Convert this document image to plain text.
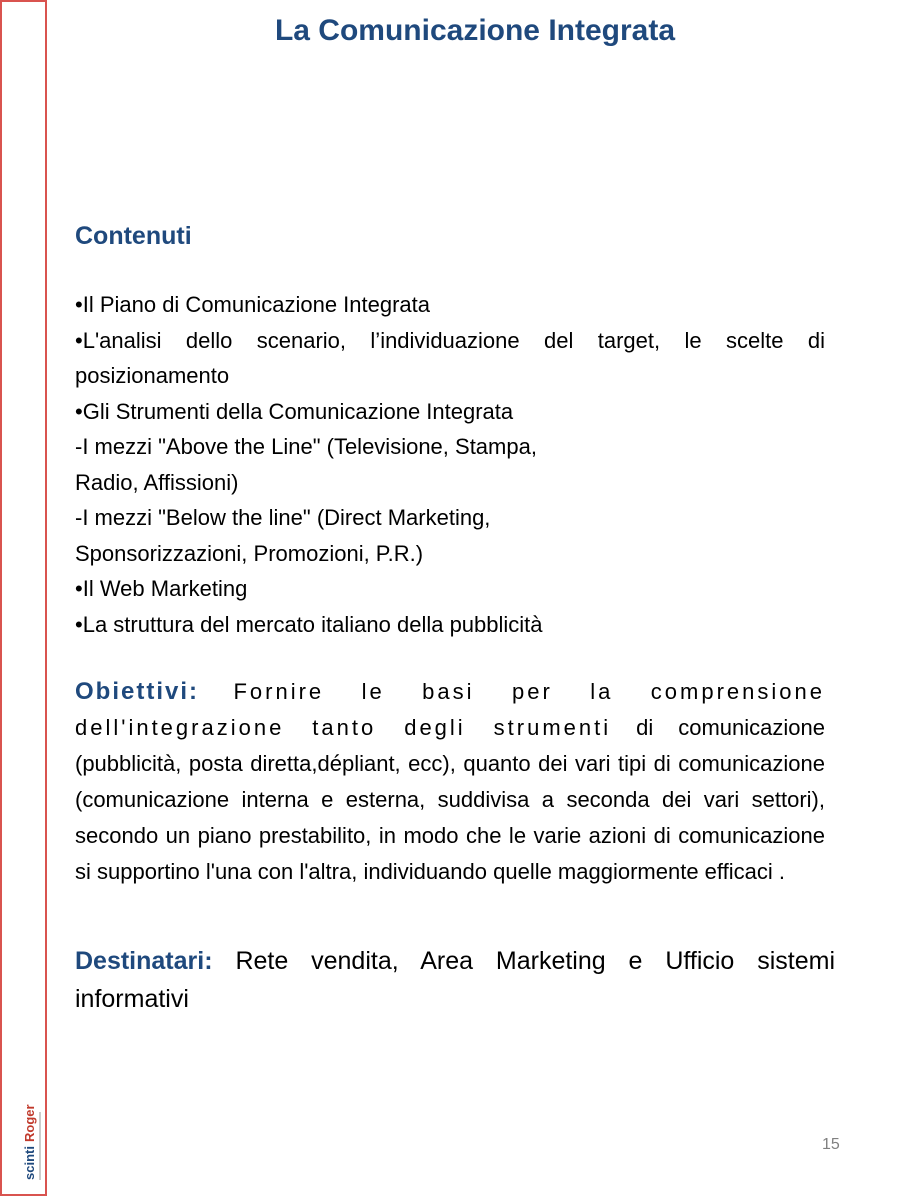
scinti
Roger
La Comunicazione Integrata
Contenuti
•Il Piano di Comunicazione Integrata
•L'analisi dello scenario, l’individuazione del target, le scelte di posizionamento
•Gli Strumenti della Comunicazione Integrata
-I mezzi "Above the Line" (Televisione, Stampa,
Radio, Affissioni)
-I mezzi "Below the line" (Direct Marketing,
Sponsorizzazioni, Promozioni, P.R.)
•Il Web Marketing
•La struttura del mercato italiano della pubblicità

Obiettivi: Fornire le basi per la comprensione dell'integrazione tanto degli strumenti di comunicazione (pubblicità, posta diretta,dépliant, ecc), quanto dei vari tipi di comunicazione (comunicazione interna e esterna, suddivisa a seconda dei vari settori), secondo un piano prestabilito, in modo che le varie azioni di comunicazione si supportino l'una con l'altra, individuando quelle maggiormente efficaci .

Destinatari: Rete vendita, Area Marketing e Ufficio sistemi informativi

15
